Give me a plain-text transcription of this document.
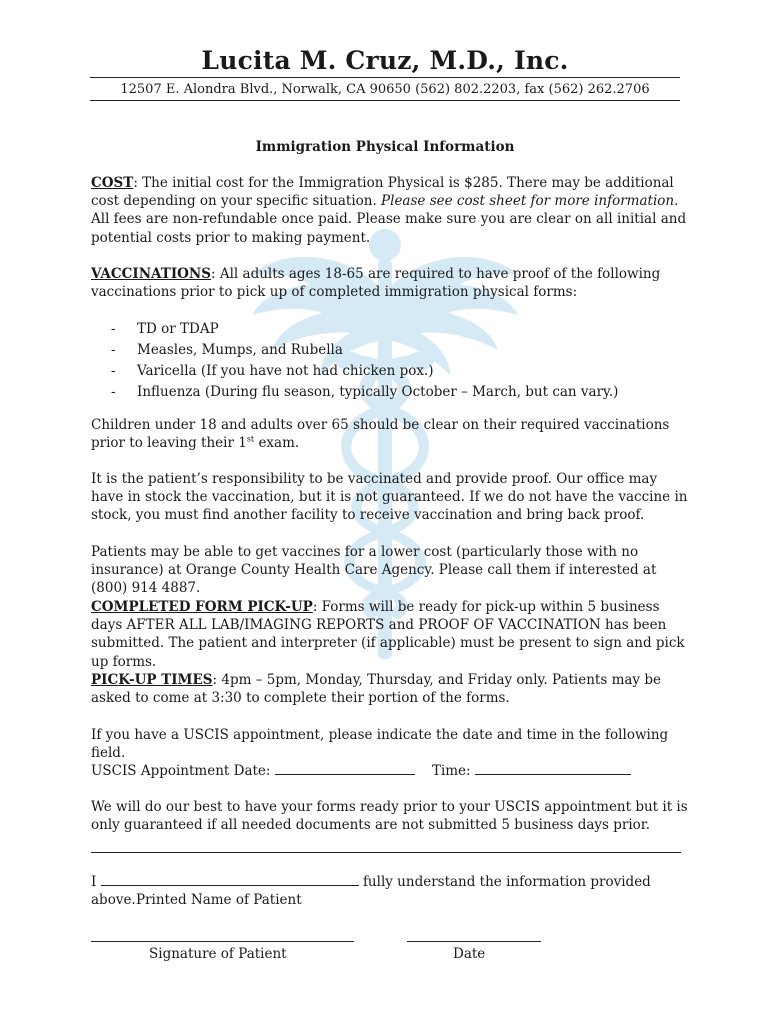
Lucita M. Cruz, M.D., Inc.
12507 E. Alondra Blvd., Norwalk, CA 90650 (562) 802.2203, fax (562) 262.2706
Immigration Physical Information

COST: The initial cost for the Immigration Physical is $285. There may be additional cost depending on your specific situation. Please see cost sheet for more information. All fees are non-refundable once paid. Please make sure you are clear on all initial and potential costs prior to making payment.

VACCINATIONS: All adults ages 18-65 are required to have proof of the following vaccinations prior to pick up of completed immigration physical forms:

- TD or TDAP
- Measles, Mumps, and Rubella
- Varicella (If you have not had chicken pox.)
- Influenza (During flu season, typically October – March, but can vary.)

Children under 18 and adults over 65 should be clear on their required vaccinations prior to leaving their 1st exam.

It is the patient’s responsibility to be vaccinated and provide proof. Our office may have in stock the vaccination, but it is not guaranteed. If we do not have the vaccine in stock, you must find another facility to receive vaccination and bring back proof.

Patients may be able to get vaccines for a lower cost (particularly those with no insurance) at Orange County Health Care Agency. Please call them if interested at (800) 914 4887.

COMPLETED FORM PICK-UP: Forms will be ready for pick-up within 5 business days AFTER ALL LAB/IMAGING REPORTS and PROOF OF VACCINATION has been submitted. The patient and interpreter (if applicable) must be present to sign and pick up forms.

PICK-UP TIMES: 4pm – 5pm, Monday, Thursday, and Friday only. Patients may be asked to come at 3:30 to complete their portion of the forms.

If you have a USCIS appointment, please indicate the date and time in the following field.

USCIS Appointment Date:	Time:

We will do our best to have your forms ready prior to your USCIS appointment but it is only guaranteed if all needed documents are not submitted 5 business days prior.

I	fully understand the information provided above. Printed Name of Patient
Signature of Patient	Date
